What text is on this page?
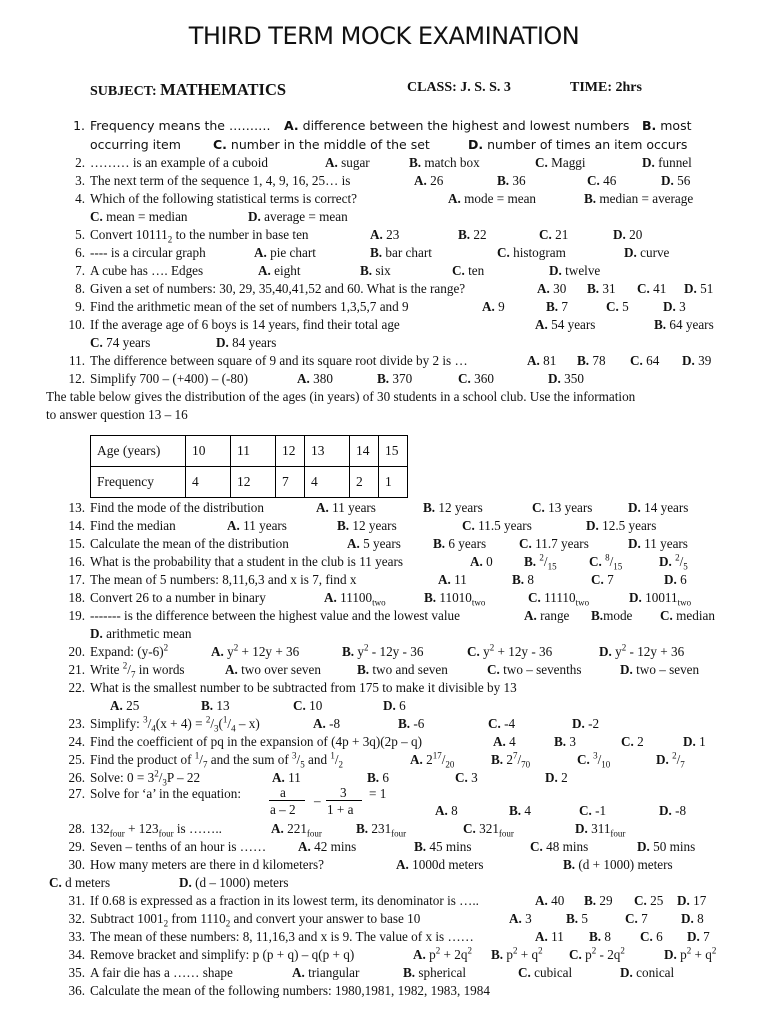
THIRD TERM MOCK EXAMINATION
SUBJECT: MATHEMATICS	CLASS: J. S. S. 3	TIME: 2hrs
1. Frequency means the ………. A. difference between the highest and lowest numbers B. most
occurring item	C. number in the middle of the set	D. number of times an item occurs
2. ……… is an example of a cuboid	A. sugar	B. match box	C. Maggi	D. funnel
3. The next term of the sequence 1, 4, 9, 16, 25… is	A. 26	B. 36	C. 46	D. 56
4. Which of the following statistical terms is correct?	A. mode = mean	B. median = average
C. mean = median	D. average = mean
5. Convert $10111_2$ to the number in base ten	A. 23	B. 22	C. 21	D. 20
6. ---- is a circular graph	A. pie chart	B. bar chart	C. histogram	D. curve
7. A cube has …. Edges	A. eight	B. six	C. ten	D. twelve
8. Given a set of numbers: 30, 29, 35,40,41,52 and 60. What is the range?	A. 30 B. 31 C. 41 D. 51
9. Find the arithmetic mean of the set of numbers 1,3,5,7 and 9	A. 9	B. 7	C. 5	D. 3
10. If the average age of 6 boys is 14 years, find their total age	A. 54 years	B. 64 years
C. 74 years	D. 84 years
11. The difference between square of 9 and its square root divide by 2 is …	A. 81 B. 78 C. 64 D. 39
12. Simplify 700 – (+400) – (-80)	A. 380	B. 370	C. 360	D. 350
The table below gives the distribution of the ages (in years) of 30 students in a school club. Use the information
to answer question 13 – 16
Age (years)	10	11	12	13	14	15
Frequency	4	12	7	4	2	1
13. Find the mode of the distribution	A. 11 years	B. 12 years	C. 13 years	D. 14 years
14. Find the median	A. 11 years	B. 12 years	C. 11.5 years	D. 12.5 years
15. Calculate the mean of the distribution	A. 5 years B. 6 years C. 11.7 years	D. 11 years
16. What is the probability that a student in the club is 11 years	A. 0 B. $^2/_{15}$ C. $^8/_{15}$	D. $^2/_5$
17. The mean of 5 numbers: 8,11,6,3 and x is 7, find x	A. 11	B. 8	C. 7	D. 6
18. Convert 26 to a number in binary	A. $11100_{two}$	B. $11010_{two}$	C. $11110_{two}$	D. $10011_{two}$
19. ------- is the difference between the highest value and the lowest value	A. range B.mode C. median
D. arithmetic mean
20. Expand: $(y-6)^2$	A. $y^2 + 12y + 36$	B. $y^2 - 12y - 36$	C. $y^2 + 12y - 36$	D. $y^2 - 12y + 36$
21. Write $^2/_7$ in words	A. two over seven	B. two and seven	C. two – sevenths	D. two – seven
22. What is the smallest number to be subtracted from 175 to make it divisible by 13
A. 25	B. 13	C. 10	D. 6
23. Simplify: $^3/_4(x + 4) = ^2/_3(^1/_4 - x)$	A. -8	B. -6	C. -4	D. -2
24. Find the coefficient of pq in the expansion of (4p + 3q)(2p – q)	A. 4	B. 3	C. 2	D. 1
25. Find the product of $^1/_7$ and the sum of $^3/_5$ and $^1/_2$	A. $2^{17}/_{20}$	B. $2^7/_{70}$	C. $^3/_{10}$	D. $^2/_7$
26. Solve: $0 = 3^2/_3P - 22$	A. 11	B. 6	C. 3	D. 2
27. Solve for ‘a’ in the equation:	a
a – 2
–
3
1 + a
= 1
A. 8	B. 4	C. -1	D. -8
28. $132_{four} + 123_{four}$ is ……..	A. $221_{four}$	B. $231_{four}$	C. $321_{four}$	D. $311_{four}$
29. Seven – tenths of an hour is …… A. 42 mins	B. 45 mins	C. 48 mins	D. 50 mins
30. How many meters are there in d kilometers?	A. 1000d meters	B. (d + 1000) meters
C. d meters	D. (d – 1000) meters
31. If 0.68 is expressed as a fraction in its lowest term, its denominator is …..	A. 40 B. 29 C. 25 D. 17
32. Subtract $1001_2$ from $1110_2$ and convert your answer to base 10	A. 3	B. 5	C. 7	D. 8
33. The mean of these numbers: 8, 11,16,3 and x is 9. The value of x is ……	A. 11 B. 8 C. 6 D. 7
34. Remove bracket and simplify: p (p + q) – q(p + q)	A. $p^2 + 2q^2$ B. $p^2 + q^2$ C. $p^2 - 2q^2$	D. $p^2 + q^2$
35. A fair die has a …… shape	A. triangular	B. spherical	C. cubical	D. conical
36. Calculate the mean of the following numbers: 1980,1981, 1982, 1983, 1984
